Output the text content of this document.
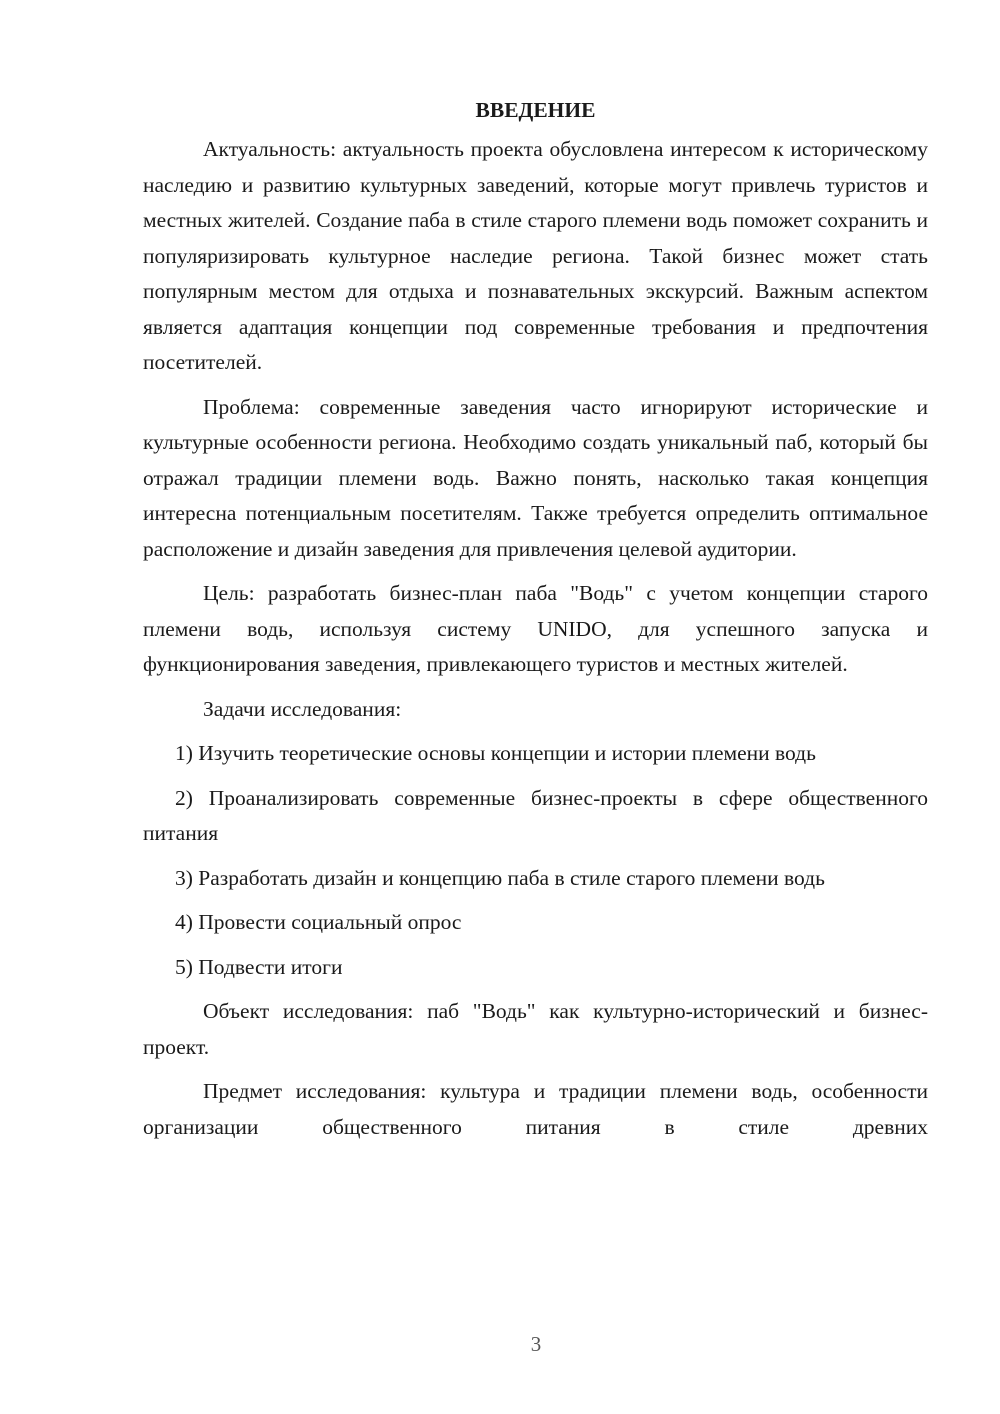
ВВЕДЕНИЕ

Актуальность: актуальность проекта обусловлена интересом к историческому наследию и развитию культурных заведений, которые могут привлечь туристов и местных жителей. Создание паба в стиле старого племени водь поможет сохранить и популяризировать культурное наследие региона. Такой бизнес может стать популярным местом для отдыха и познавательных экскурсий. Важным аспектом является адаптация концепции под современные требования и предпочтения посетителей.

Проблема: современные заведения часто игнорируют исторические и культурные особенности региона. Необходимо создать уникальный паб, который бы отражал традиции племени водь. Важно понять, насколько такая концепция интересна потенциальным посетителям. Также требуется определить оптимальное расположение и дизайн заведения для привлечения целевой аудитории.

Цель: разработать бизнес-план паба "Водь" с учетом концепции старого племени водь, используя систему UNIDO, для успешного запуска и функционирования заведения, привлекающего туристов и местных жителей.

Задачи исследования:

1) Изучить теоретические основы концепции и истории племени водь

2) Проанализировать современные бизнес-проекты в сфере общественного питания

3) Разработать дизайн и концепцию паба в стиле старого племени водь

4) Провести социальный опрос

5) Подвести итоги

Объект исследования: паб "Водь" как культурно-исторический и бизнес-проект.

Предмет исследования: культура и традиции племени водь, особенности организации общественного питания в стиле древних

3
